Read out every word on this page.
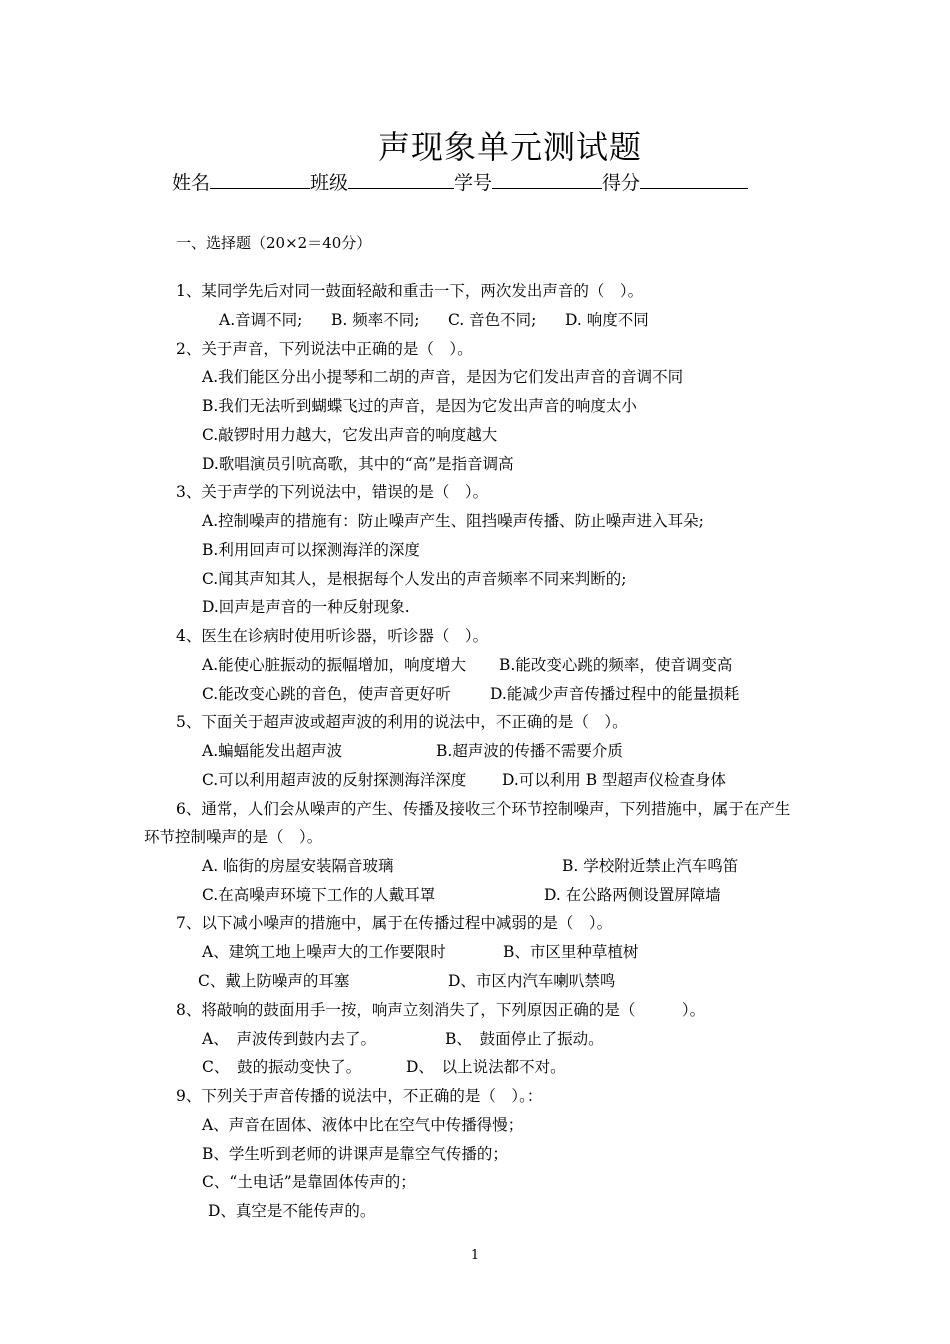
声现象单元测试题
姓名	班级	学号	得分
一、选择题（20×2＝40分）
1、某同学先后对同一鼓面轻敲和重击一下，两次发出声音的（　）。
A.音调不同; B. 频率不同; C. 音色不同; D. 响度不同
2、关于声音，下列说法中正确的是（　）。
A.我们能区分出小提琴和二胡的声音，是因为它们发出声音的音调不同
B.我们无法听到蝴蝶飞过的声音，是因为它发出声音的响度太小
C.敲锣时用力越大，它发出声音的响度越大
D.歌唱演员引吭高歌，其中的“高”是指音调高
3、关于声学的下列说法中，错误的是（　）。
A.控制噪声的措施有：防止噪声产生、阻挡噪声传播、防止噪声进入耳朵;
B.利用回声可以探测海洋的深度
C.闻其声知其人，是根据每个人发出的声音频率不同来判断的;
D.回声是声音的一种反射现象.
4、医生在诊病时使用听诊器，听诊器（　）。
A.能使心脏振动的振幅增加，响度增大 B.能改变心跳的频率，使音调变高
C.能改变心跳的音色，使声音更好听	D.能减少声音传播过程中的能量损耗
5、下面关于超声波或超声波的利用的说法中，不正确的是（　）。
A.蝙蝠能发出超声波	B.超声波的传播不需要介质
C.可以利用超声波的反射探测海洋深度 D.可以利用 B 型超声仪检查身体
6、通常，人们会从噪声的产生、传播及接收三个环节控制噪声，下列措施中，属于在产生
环节控制噪声的是（　）。
A. 临街的房屋安装隔音玻璃	B. 学校附近禁止汽车鸣笛
C.在高噪声环境下工作的人戴耳罩	D. 在公路两侧设置屏障墙
7、以下减小噪声的措施中，属于在传播过程中减弱的是（　）。
A、建筑工地上噪声大的工作要限时	B、市区里种草植树
C、戴上防噪声的耳塞	D、市区内汽车喇叭禁鸣
8、将敲响的鼓面用手一按，响声立刻消失了，下列原因正确的是（　　　）。
A、　声波传到鼓内去了。	B、　鼓面停止了振动。
C、　鼓的振动变快了。	D、　以上说法都不对。
9、下列关于声音传播的说法中，不正确的是（　）。：
A、声音在固体、液体中比在空气中传播得慢；
B、学生听到老师的讲课声是靠空气传播的；
C、“土电话”是靠固体传声的；
D、真空是不能传声的。
1
